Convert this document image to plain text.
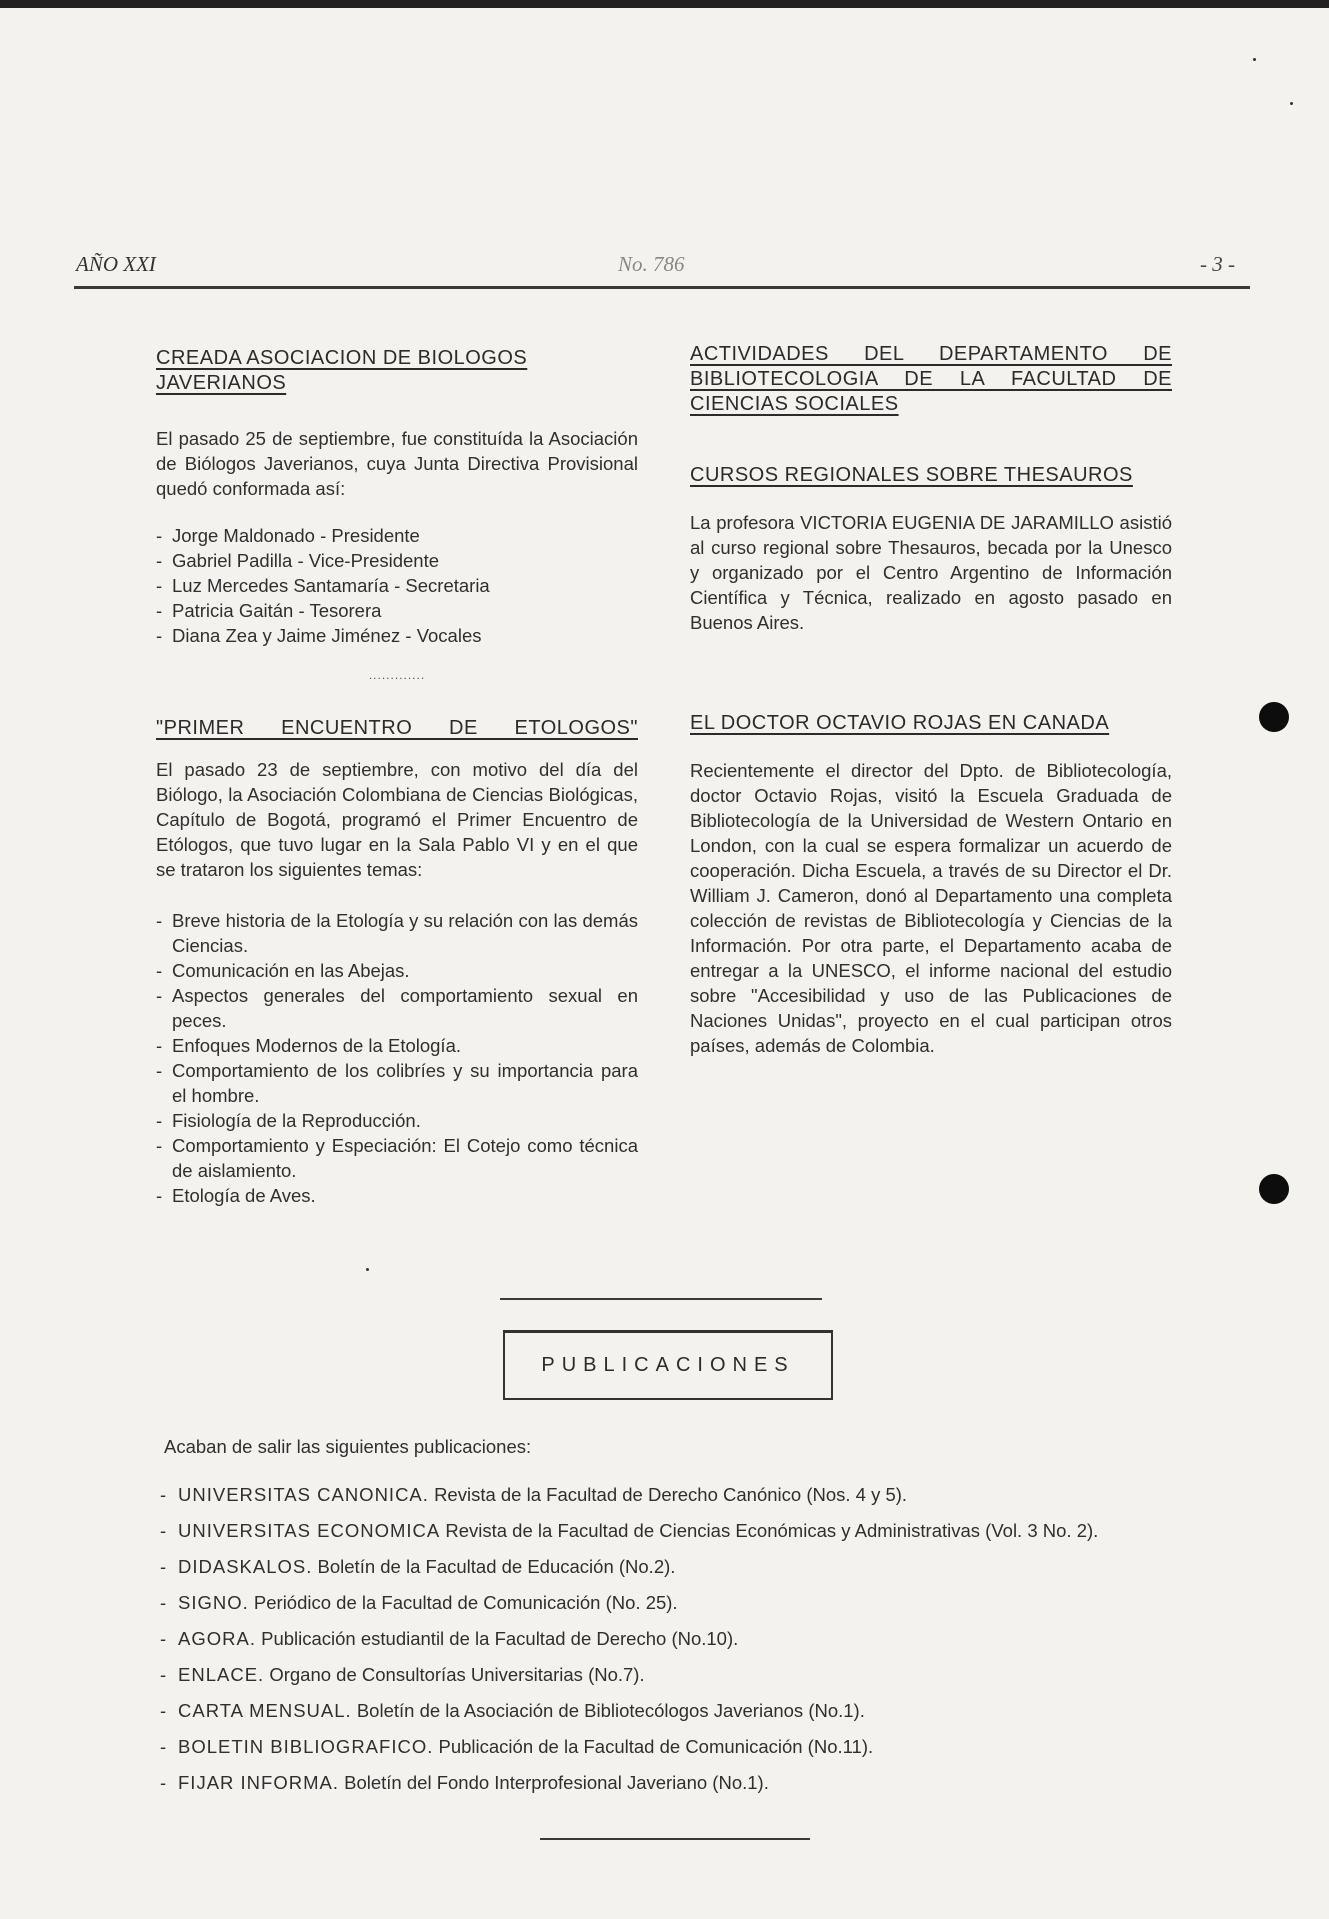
AÑO XXI	No. 786	- 3 -
CREADA ASOCIACION DE BIOLOGOS JAVERIANOS
El pasado 25 de septiembre, fue constituída la Asociación de Biólogos Javerianos, cuya Junta Directiva Provisional quedó conformada así:
- Jorge Maldonado - Presidente
- Gabriel Padilla - Vice-Presidente
- Luz Mercedes Santamaría - Secretaria
- Patricia Gaitán - Tesorera
- Diana Zea y Jaime Jiménez - Vocales
.............
"PRIMER ENCUENTRO DE ETOLOGOS"
El pasado 23 de septiembre, con motivo del día del Biólogo, la Asociación Colombiana de Ciencias Biológicas, Capítulo de Bogotá, programó el Primer Encuentro de Etólogos, que tuvo lugar en la Sala Pablo VI y en el que se trataron los siguientes temas:
- Breve historia de la Etología y su relación con las demás Ciencias.
- Comunicación en las Abejas.
- Aspectos generales del comportamiento sexual en peces.
- Enfoques Modernos de la Etología.
- Comportamiento de los colibríes y su importancia para el hombre.
- Fisiología de la Reproducción.
- Comportamiento y Especiación: El Cotejo como técnica de aislamiento.
- Etología de Aves.
ACTIVIDADES DEL DEPARTAMENTO DE BIBLIOTECOLOGIA DE LA FACULTAD DE CIENCIAS SOCIALES
CURSOS REGIONALES SOBRE THESAUROS
La profesora VICTORIA EUGENIA DE JARAMILLO asistió al curso regional sobre Thesauros, becada por la Unesco y organizado por el Centro Argentino de Información Científica y Técnica, realizado en agosto pasado en Buenos Aires.
EL DOCTOR OCTAVIO ROJAS EN CANADA
Recientemente el director del Dpto. de Bibliotecología, doctor Octavio Rojas, visitó la Escuela Graduada de Bibliotecología de la Universidad de Western Ontario en London, con la cual se espera formalizar un acuerdo de cooperación. Dicha Escuela, a través de su Director el Dr. William J. Cameron, donó al Departamento una completa colección de revistas de Bibliotecología y Ciencias de la Información. Por otra parte, el Departamento acaba de entregar a la UNESCO, el informe nacional del estudio sobre "Accesibilidad y uso de las Publicaciones de Naciones Unidas", proyecto en el cual participan otros países, además de Colombia.
PUBLICACIONES
Acaban de salir las siguientes publicaciones:
- UNIVERSITAS CANONICA. Revista de la Facultad de Derecho Canónico (Nos. 4 y 5).
- UNIVERSITAS ECONOMICA Revista de la Facultad de Ciencias Económicas y Administrativas (Vol. 3 No. 2).
- DIDASKALOS. Boletín de la Facultad de Educación (No.2).
- SIGNO. Periódico de la Facultad de Comunicación (No. 25).
- AGORA. Publicación estudiantil de la Facultad de Derecho (No.10).
- ENLACE. Organo de Consultorías Universitarias (No.7).
- CARTA MENSUAL. Boletín de la Asociación de Bibliotecólogos Javerianos (No.1).
- BOLETIN BIBLIOGRAFICO. Publicación de la Facultad de Comunicación (No.11).
- FIJAR INFORMA. Boletín del Fondo Interprofesional Javeriano (No.1).
